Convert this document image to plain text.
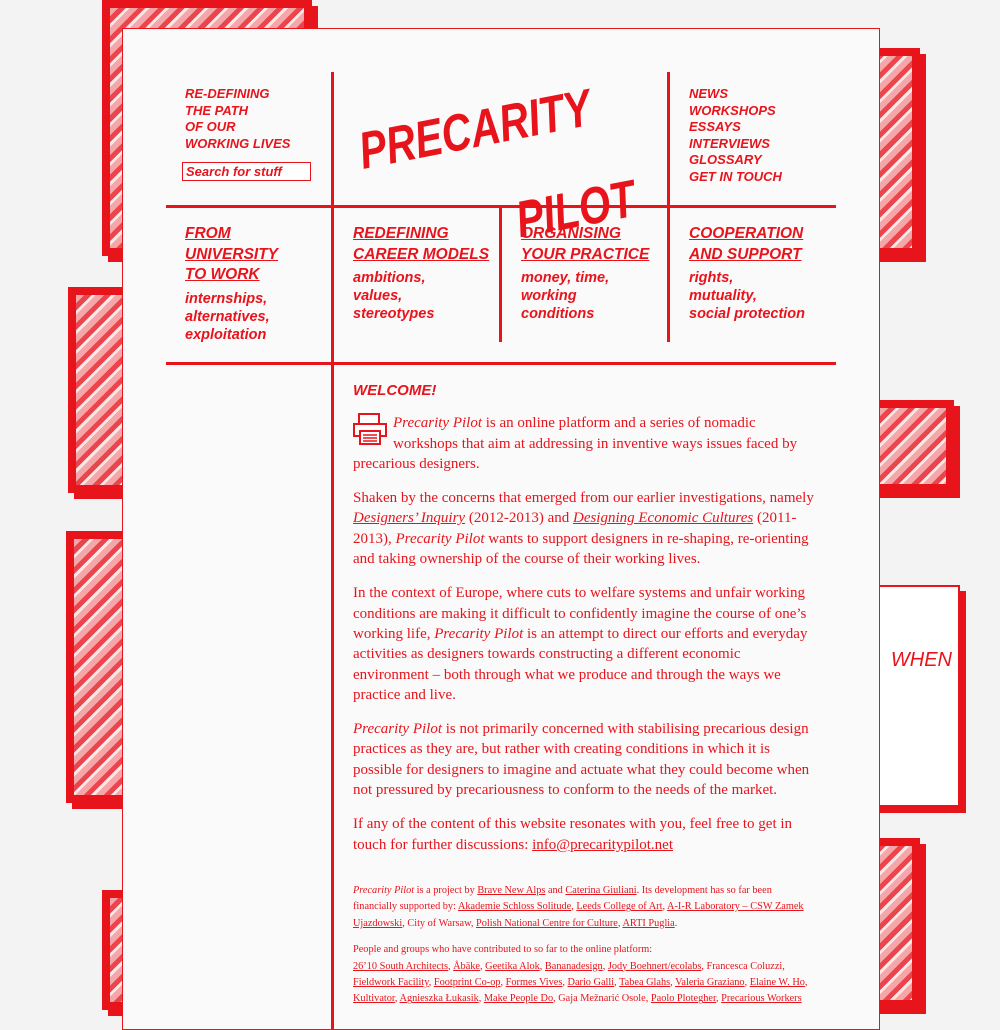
WHEN
RE-DEFINING
THE PATH
OF OUR
WORKING LIVES
Search for stuff PRECARITY
PILOT
NEWS
WORKSHOPS
ESSAYS
INTERVIEWS
GLOSSARY
GET IN TOUCH
FROM
UNIVERSITY
TO WORK
internships,
alternatives,
exploitation
REDEFINING
CAREER MODELS
ambitions,
values,
stereotypes
ORGANISING
YOUR PRACTICE
money, time,
working
conditions
COOPERATION
AND SUPPORT
rights,
mutuality,
social protection
WELCOME!

Precarity Pilot is an online platform and a series of nomadic workshops that aim at addressing in inventive ways issues faced by precarious designers.

Shaken by the concerns that emerged from our earlier investigations, namely Designers’ Inquiry (2012-2013) and Designing Economic Cultures (2011-2013), Precarity Pilot wants to support designers in re-shaping, re-orienting and taking ownership of the course of their working lives.

In the context of Europe, where cuts to welfare systems and unfair working conditions are making it difficult to confidently imagine the course of one’s working life, Precarity Pilot is an attempt to direct our efforts and everyday activities as designers towards constructing a different economic environment – both through what we produce and through the ways we practice and live.

Precarity Pilot is not primarily concerned with stabilising precarious design practices as they are, but rather with creating conditions in which it is possible for designers to imagine and actuate what they could become when not pressured by precariousness to conform to the needs of the market.

If any of the content of this website resonates with you, feel free to get in touch for further discussions: info@precaritypilot.net

Precarity Pilot is a project by Brave New Alps and Caterina Giuliani. Its development has so far been financially supported by: Akademie Schloss Solitude, Leeds College of Art, A-I-R Laboratory – CSW Zamek Ujazdowski, City of Warsaw, Polish National Centre for Culture, ARTI Puglia.

People and groups who have contributed to so far to the online platform:
26’10 South Architects, Åbäke, Geetika Alok, Bananadesign, Jody Boehnert/ecolabs, Francesca Coluzzi,
Fieldwork Facility, Footprint Co-op, Formes Vives, Dario Galli, Tabea Glahs, Valeria Graziano, Elaine W. Ho,
Kultivator, Agnieszka Łukasik, Make People Do, Gaja Mežnarić Osole, Paolo Plotegher, Precarious Workers
